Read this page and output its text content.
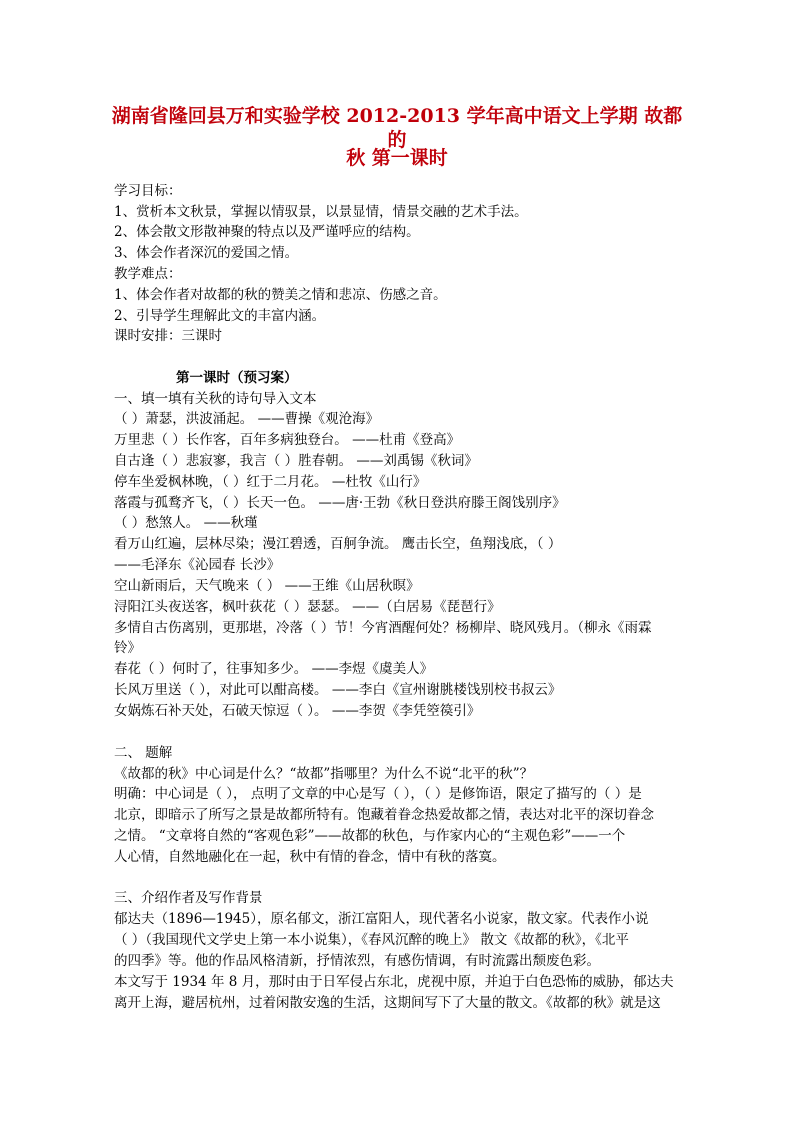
湖南省隆回县万和实验学校 2012-2013 学年高中语文上学期 故都的
秋 第一课时
学习目标：
1、赏析本文秋景，掌握以情驭景，以景显情，情景交融的艺术手法。
2、体会散文形散神聚的特点以及严谨呼应的结构。
3、体会作者深沉的爱国之情。
教学难点：
1、体会作者对故都的秋的赞美之情和悲凉、伤感之音。
2、引导学生理解此文的丰富内涵。
课时安排：三课时
第一课时（预习案）
一、填一填有关秋的诗句导入文本
（ ）萧瑟，洪波涌起。 ——曹操《观沧海》
万里悲（ ）长作客，百年多病独登台。 ——杜甫《登高》
自古逢（ ）悲寂寥，我言（ ）胜春朝。 ——刘禹锡《秋词》
停车坐爱枫林晚，（ ）红于二月花。 —杜牧《山行》
落霞与孤鹜齐飞，（ ）长天一色。 ——唐·王勃《秋日登洪府滕王阁饯别序》
（ ）愁煞人。 ——秋瑾
看万山红遍，层林尽染；漫江碧透，百舸争流。 鹰击长空，鱼翔浅底，（ ）
——毛泽东《沁园春 长沙》
空山新雨后，天气晚来（ ） ——王维《山居秋暝》
浔阳江头夜送客，枫叶荻花（ ）瑟瑟。 ——（白居易《琵琶行》
多情自古伤离别，更那堪，冷落（ ）节！今宵酒醒何处？杨柳岸、晓风残月。（柳永《雨霖
铃》
春花（ ）何时了，往事知多少。 ——李煜《虞美人》
长风万里送（ ），对此可以酣高楼。 ——李白《宣州谢朓楼饯别校书叔云》
女娲炼石补天处，石破天惊逗（ ）。 ——李贺《李凭箜篌引》
二、 题解
《故都的秋》中心词是什么？“故都”指哪里？为什么不说“北平的秋”？
明确：中心词是（ ）， 点明了文章的中心是写（ ），（ ）是修饰语，限定了描写的（ ）是
北京，即暗示了所写之景是故都所特有。饱藏着眷念热爱故都之情，表达对北平的深切眷念
之情。 “文章将自然的“客观色彩”——故都的秋色，与作家内心的“主观色彩”——一个
人心情，自然地融化在一起，秋中有情的眷念，情中有秋的落寞。
三、介绍作者及写作背景
郁达夫（1896—1945），原名郁文，浙江富阳人，现代著名小说家，散文家。代表作小说
（ ）（我国现代文学史上第一本小说集），《春风沉醉的晚上》 散文《故都的秋》，《北平
的四季》等。他的作品风格清新，抒情浓烈，有感伤情调，有时流露出颓废色彩。
本文写于 1934 年 8 月，那时由于日军侵占东北，虎视中原，并迫于白色恐怖的威胁，郁达夫
离开上海，避居杭州，过着闲散安逸的生活，这期间写下了大量的散文。《故都的秋》就是这
